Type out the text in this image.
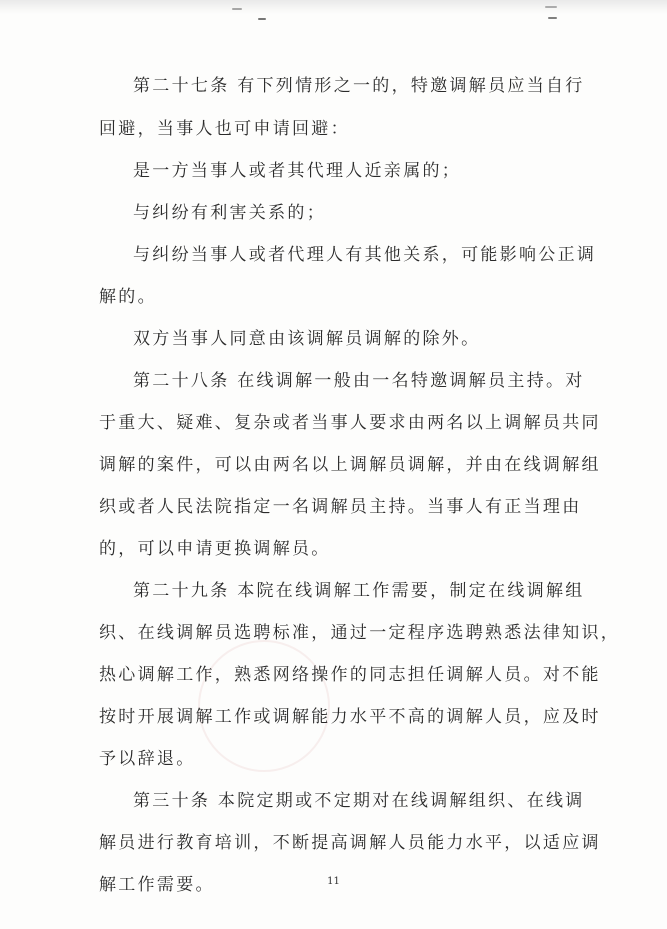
第二十七条 有下列情形之一的，特邀调解员应当自行
回避，当事人也可申请回避：
是一方当事人或者其代理人近亲属的；
与纠纷有利害关系的；
与纠纷当事人或者代理人有其他关系，可能影响公正调
解的。
双方当事人同意由该调解员调解的除外。
第二十八条 在线调解一般由一名特邀调解员主持。对
于重大、疑难、复杂或者当事人要求由两名以上调解员共同
调解的案件，可以由两名以上调解员调解，并由在线调解组
织或者人民法院指定一名调解员主持。当事人有正当理由
的，可以申请更换调解员。
第二十九条 本院在线调解工作需要，制定在线调解组
织、在线调解员选聘标准，通过一定程序选聘熟悉法律知识，
热心调解工作，熟悉网络操作的同志担任调解人员。对不能
按时开展调解工作或调解能力水平不高的调解人员，应及时
予以辞退。
第三十条 本院定期或不定期对在线调解组织、在线调
解员进行教育培训，不断提高调解人员能力水平，以适应调
解工作需要。	11
